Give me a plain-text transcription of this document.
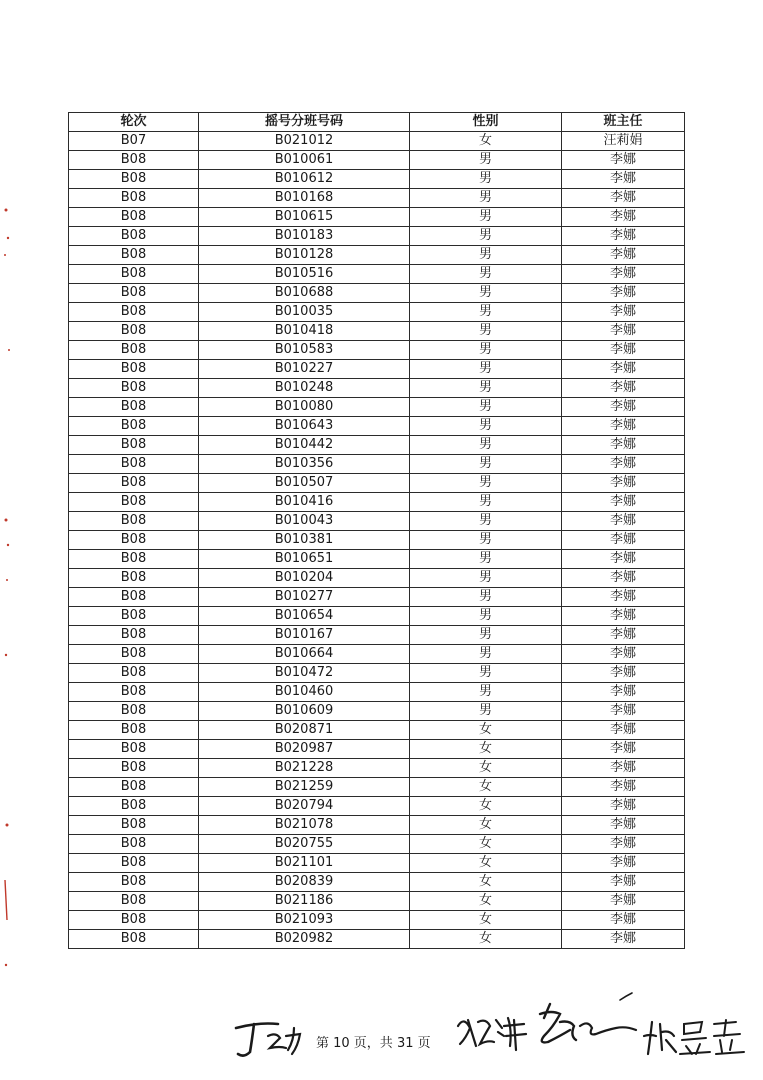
轮次	摇号分班号码	性别	班主任
B07	B021012	女	汪莉娟
B08	B010061	男	李娜
B08	B010612	男	李娜
B08	B010168	男	李娜
B08	B010615	男	李娜
B08	B010183	男	李娜
B08	B010128	男	李娜
B08	B010516	男	李娜
B08	B010688	男	李娜
B08	B010035	男	李娜
B08	B010418	男	李娜
B08	B010583	男	李娜
B08	B010227	男	李娜
B08	B010248	男	李娜
B08	B010080	男	李娜
B08	B010643	男	李娜
B08	B010442	男	李娜
B08	B010356	男	李娜
B08	B010507	男	李娜
B08	B010416	男	李娜
B08	B010043	男	李娜
B08	B010381	男	李娜
B08	B010651	男	李娜
B08	B010204	男	李娜
B08	B010277	男	李娜
B08	B010654	男	李娜
B08	B010167	男	李娜
B08	B010664	男	李娜
B08	B010472	男	李娜
B08	B010460	男	李娜
B08	B010609	男	李娜
B08	B020871	女	李娜
B08	B020987	女	李娜
B08	B021228	女	李娜
B08	B021259	女	李娜
B08	B020794	女	李娜
B08	B021078	女	李娜
B08	B020755	女	李娜
B08	B021101	女	李娜
B08	B020839	女	李娜
B08	B021186	女	李娜
B08	B021093	女	李娜
B08	B020982	女	李娜
第 10 页，共 31 页
